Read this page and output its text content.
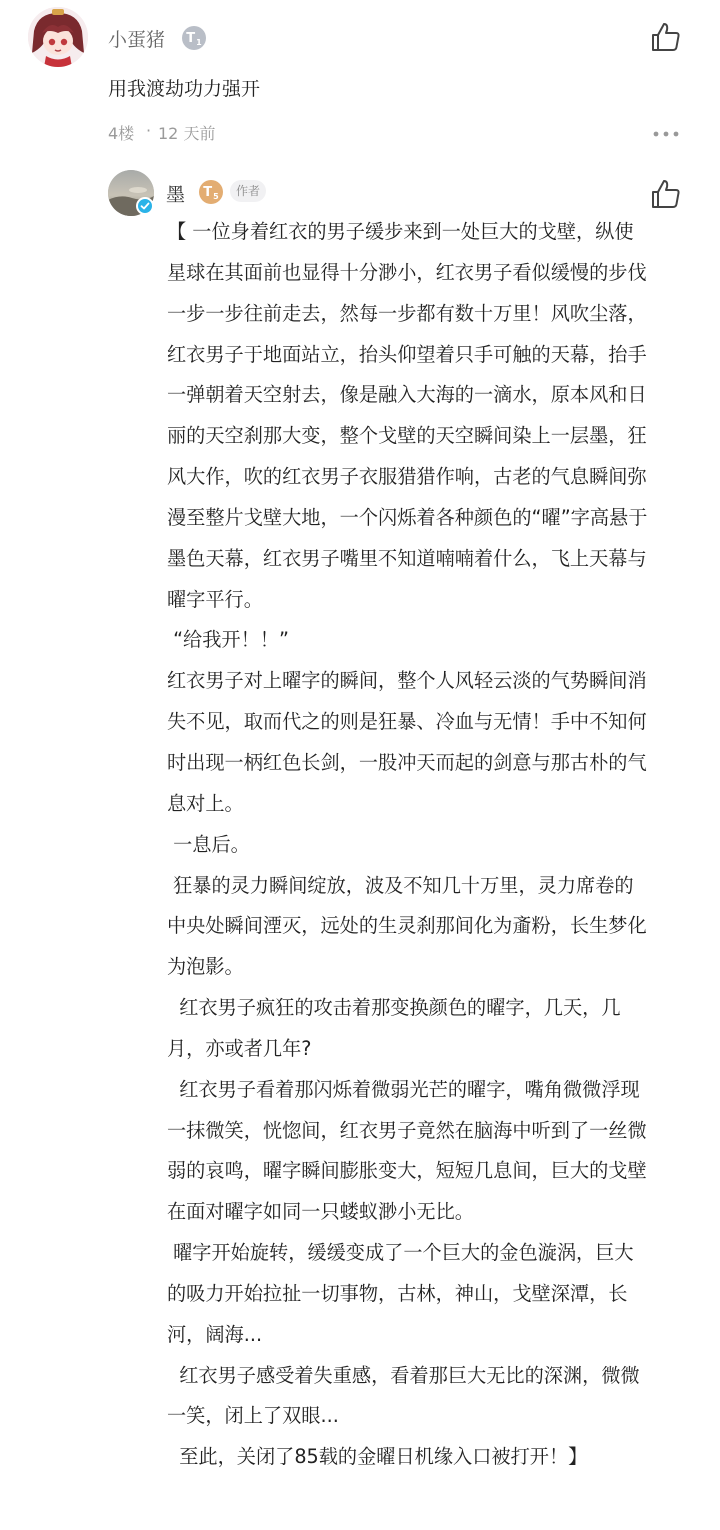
小蛋猪 $T_1$
用我渡劫功力强开
4楼 · 12 天前
墨 $T_5$	作者

【 一位身着红衣的男子缓步来到一处巨大的戈壁，纵使

星球在其面前也显得十分渺小，红衣男子看似缓慢的步伐

一步一步往前走去，然每一步都有数十万里！风吹尘落，

红衣男子于地面站立，抬头仰望着只手可触的天幕，抬手

一弹朝着天空射去，像是融入大海的一滴水，原本风和日

丽的天空刹那大变，整个戈壁的天空瞬间染上一层墨，狂

风大作，吹的红衣男子衣服猎猎作响，古老的气息瞬间弥

漫至整片戈壁大地，一个闪烁着各种颜色的“曜”字高悬于

墨色天幕，红衣男子嘴里不知道喃喃着什么，飞上天幕与

曜字平行。

“给我开！！”

红衣男子对上曜字的瞬间，整个人风轻云淡的气势瞬间消

失不见，取而代之的则是狂暴、冷血与无情！手中不知何

时出现一柄红色长剑，一股冲天而起的剑意与那古朴的气

息对上。

一息后。

狂暴的灵力瞬间绽放，波及不知几十万里，灵力席卷的

中央处瞬间湮灭，远处的生灵刹那间化为齑粉，长生梦化

为泡影。

红衣男子疯狂的攻击着那变换颜色的曜字，几天，几

月，亦或者几年?

红衣男子看着那闪烁着微弱光芒的曜字，嘴角微微浮现

一抹微笑，恍惚间，红衣男子竟然在脑海中听到了一丝微

弱的哀鸣，曜字瞬间膨胀变大，短短几息间，巨大的戈壁

在面对曜字如同一只蝼蚁渺小无比。

曜字开始旋转，缓缓变成了一个巨大的金色漩涡，巨大

的吸力开始拉扯一切事物，古林，神山，戈壁深潭，长

河，阔海...

红衣男子感受着失重感，看着那巨大无比的深渊，微微

一笑，闭上了双眼...

至此，关闭了85载的金曜日机缘入口被打开！】
